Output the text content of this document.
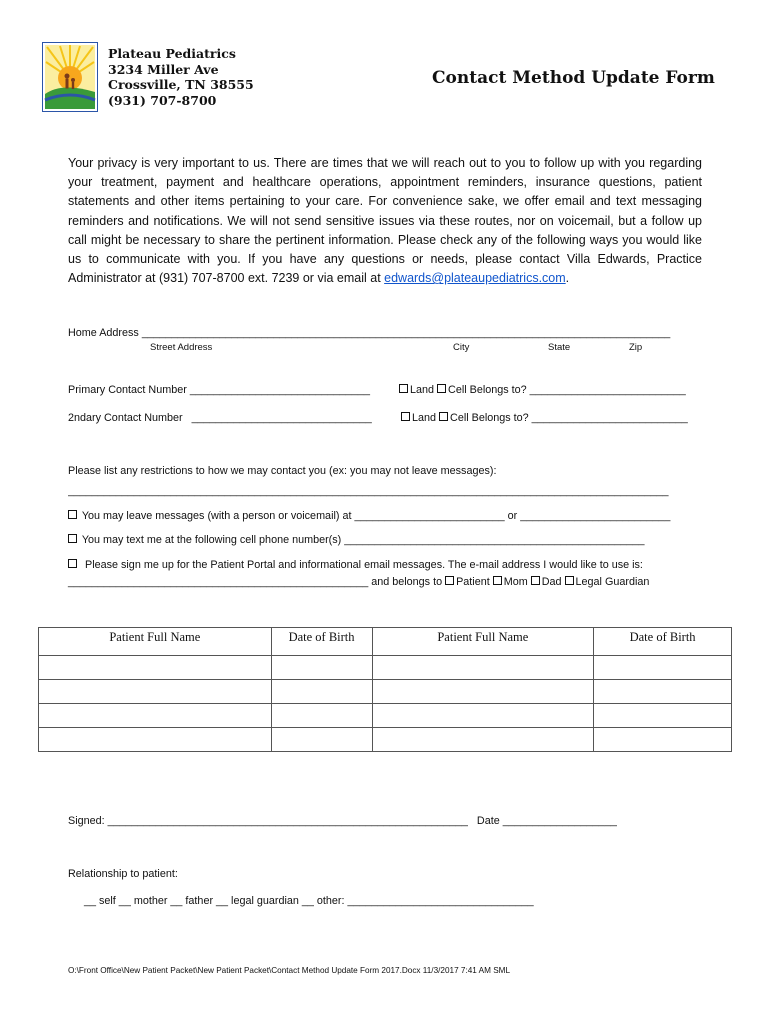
Plateau Pediatrics
3234 Miller Ave
Crossville, TN 38555
(931) 707-8700
Contact Method Update Form
Your privacy is very important to us. There are times that we will reach out to you to follow up with you regarding your treatment, payment and healthcare operations, appointment reminders, insurance questions, patient statements and other items pertaining to your care. For convenience sake, we offer email and text messaging reminders and notifications. We will not send sensitive issues via these routes, nor on voicemail, but a follow up call might be necessary to share the pertinent information. Please check any of the following ways you would like us to communicate with you. If you have any questions or needs, please contact Villa Edwards, Practice Administrator at (931) 707-8700 ext. 7239 or via email at edwards@plateaupediatrics.com.
Home Address ________________________________________________________________________________________
Street Address	City	State	Zip
Primary Contact Number ______________________________	Land Cell Belongs to? __________________________
2ndary Contact Number ______________________________	Land Cell Belongs to? __________________________
Please list any restrictions to how we may contact you (ex: you may not leave messages):
____________________________________________________________________________________________________
You may leave messages (with a person or voicemail) at _________________________ or _________________________
You may text me at the following cell phone number(s) __________________________________________________
Please sign me up for the Patient Portal and informational email messages. The e-mail address I would like to use is:
__________________________________________________ and belongs to Patient Mom Dad Legal Guardian
Patient Full Name	Date of Birth	Patient Full Name	Date of Birth

Signed: ____________________________________________________________ Date ___________________
Relationship to patient:
__ self __ mother __ father __ legal guardian __ other: _______________________________
O:\Front Office\New Patient Packet\New Patient Packet\Contact Method Update Form 2017.Docx 11/3/2017 7:41 AM SML
